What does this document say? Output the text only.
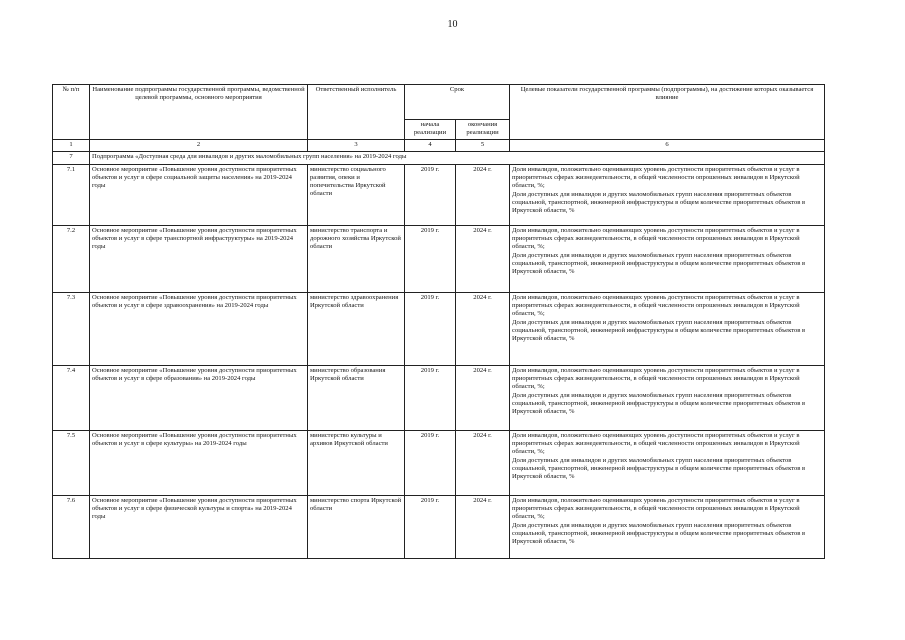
10
№ п/п	Наименование подпрограммы государственной программы, ведомственной целевой программы, основного мероприятия	Ответственный исполнитель	Срок		Целевые показатели государственной программы (подпрограммы), на достижение которых оказывается влияние
			начала реализации	окончания реализации	
1	2	3	4	5	6
7	Подпрограмма «Доступная среда для инвалидов и других маломобильных групп населения» на 2019-2024 годы				
7.1	Основное мероприятие «Повышение уровня доступности приоритетных объектов и услуг в сфере социальной защиты населения» на 2019-2024 годы	министерство социального развития, опеки и попечительства Иркутской области	2019 г.	2024 г.	Доля инвалидов, положительно оценивающих уровень доступности приоритетных объектов и услуг в приоритетных сферах жизнедеятельности, в общей численности опрошенных инвалидов в Иркутской области, %;

Доля доступных для инвалидов и других маломобильных групп населения приоритетных объектов социальной, транспортной, инженерной инфраструктуры в общем количестве приоритетных объектов в Иркутской области, %

7.2	Основное мероприятие «Повышение уровня доступности приоритетных объектов и услуг в сфере транспортной инфраструктуры» на 2019-2024 годы	министерство транспорта и дорожного хозяйства Иркутской области	2019 г.	2024 г.	Доля инвалидов, положительно оценивающих уровень доступности приоритетных объектов и услуг в приоритетных сферах жизнедеятельности, в общей численности опрошенных инвалидов в Иркутской области, %;

Доля доступных для инвалидов и других маломобильных групп населения приоритетных объектов социальной, транспортной, инженерной инфраструктуры в общем количестве приоритетных объектов в Иркутской области, %

7.3	Основное мероприятие «Повышение уровня доступности приоритетных объектов и услуг в сфере здравоохранения» на 2019-2024 годы	министерство здравоохранения Иркутской области	2019 г.	2024 г.	Доля инвалидов, положительно оценивающих уровень доступности приоритетных объектов и услуг в приоритетных сферах жизнедеятельности, в общей численности опрошенных инвалидов в Иркутской области, %;

Доля доступных для инвалидов и других маломобильных групп населения приоритетных объектов социальной, транспортной, инженерной инфраструктуры в общем количестве приоритетных объектов в Иркутской области, %

7.4	Основное мероприятие «Повышение уровня доступности приоритетных объектов и услуг в сфере образования» на 2019-2024 годы	министерство образования Иркутской области	2019 г.	2024 г.	Доля инвалидов, положительно оценивающих уровень доступности приоритетных объектов и услуг в приоритетных сферах жизнедеятельности, в общей численности опрошенных инвалидов в Иркутской области, %;

Доля доступных для инвалидов и других маломобильных групп населения приоритетных объектов социальной, транспортной, инженерной инфраструктуры в общем количестве приоритетных объектов в Иркутской области, %

7.5	Основное мероприятие «Повышение уровня доступности приоритетных объектов и услуг в сфере культуры» на 2019-2024 годы	министерство культуры и архивов Иркутской области	2019 г.	2024 г.	Доля инвалидов, положительно оценивающих уровень доступности приоритетных объектов и услуг в приоритетных сферах жизнедеятельности, в общей численности опрошенных инвалидов в Иркутской области, %;

Доля доступных для инвалидов и других маломобильных групп населения приоритетных объектов социальной, транспортной, инженерной инфраструктуры в общем количестве приоритетных объектов в Иркутской области, %

7.6	Основное мероприятие «Повышение уровня доступности приоритетных объектов и услуг в сфере физической культуры и спорта» на 2019-2024 годы	министерство спорта Иркутской области	2019 г.	2024 г.	Доля инвалидов, положительно оценивающих уровень доступности приоритетных объектов и услуг в приоритетных сферах жизнедеятельности, в общей численности опрошенных инвалидов в Иркутской области, %;

Доля доступных для инвалидов и других маломобильных групп населения приоритетных объектов социальной, транспортной, инженерной инфраструктуры в общем количестве приоритетных объектов в Иркутской области, %
